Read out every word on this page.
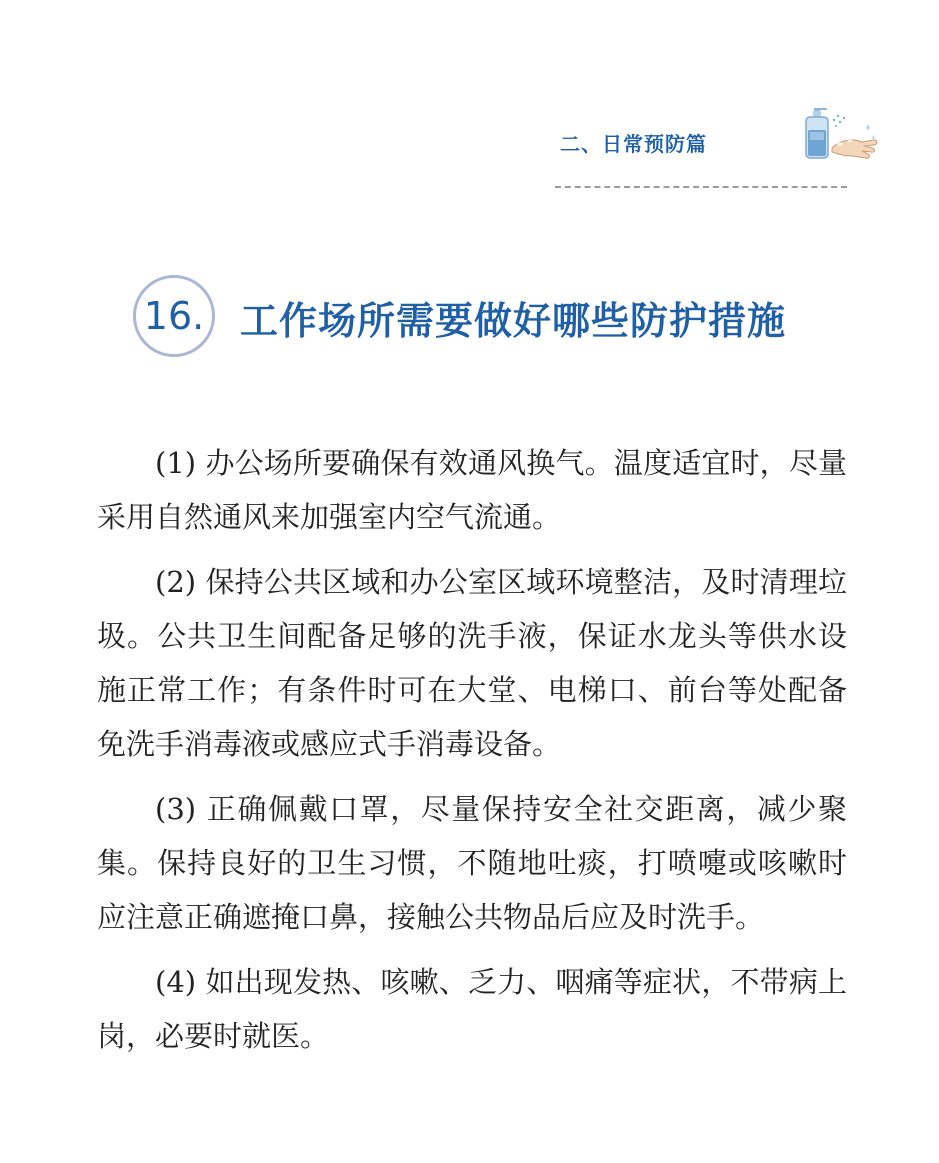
二、日常预防篇
16. 工作场所需要做好哪些防护措施

(1) 办公场所要确保有效通风换气。温度适宜时，尽量采用自然通风来加强室内空气流通。

(2) 保持公共区域和办公室区域环境整洁，及时清理垃圾。公共卫生间配备足够的洗手液，保证水龙头等供水设施正常工作；有条件时可在大堂、电梯口、前台等处配备免洗手消毒液或感应式手消毒设备。

(3) 正确佩戴口罩，尽量保持安全社交距离，减少聚集。保持良好的卫生习惯，不随地吐痰，打喷嚏或咳嗽时应注意正确遮掩口鼻，接触公共物品后应及时洗手。

(4) 如出现发热、咳嗽、乏力、咽痛等症状，不带病上岗，必要时就医。
